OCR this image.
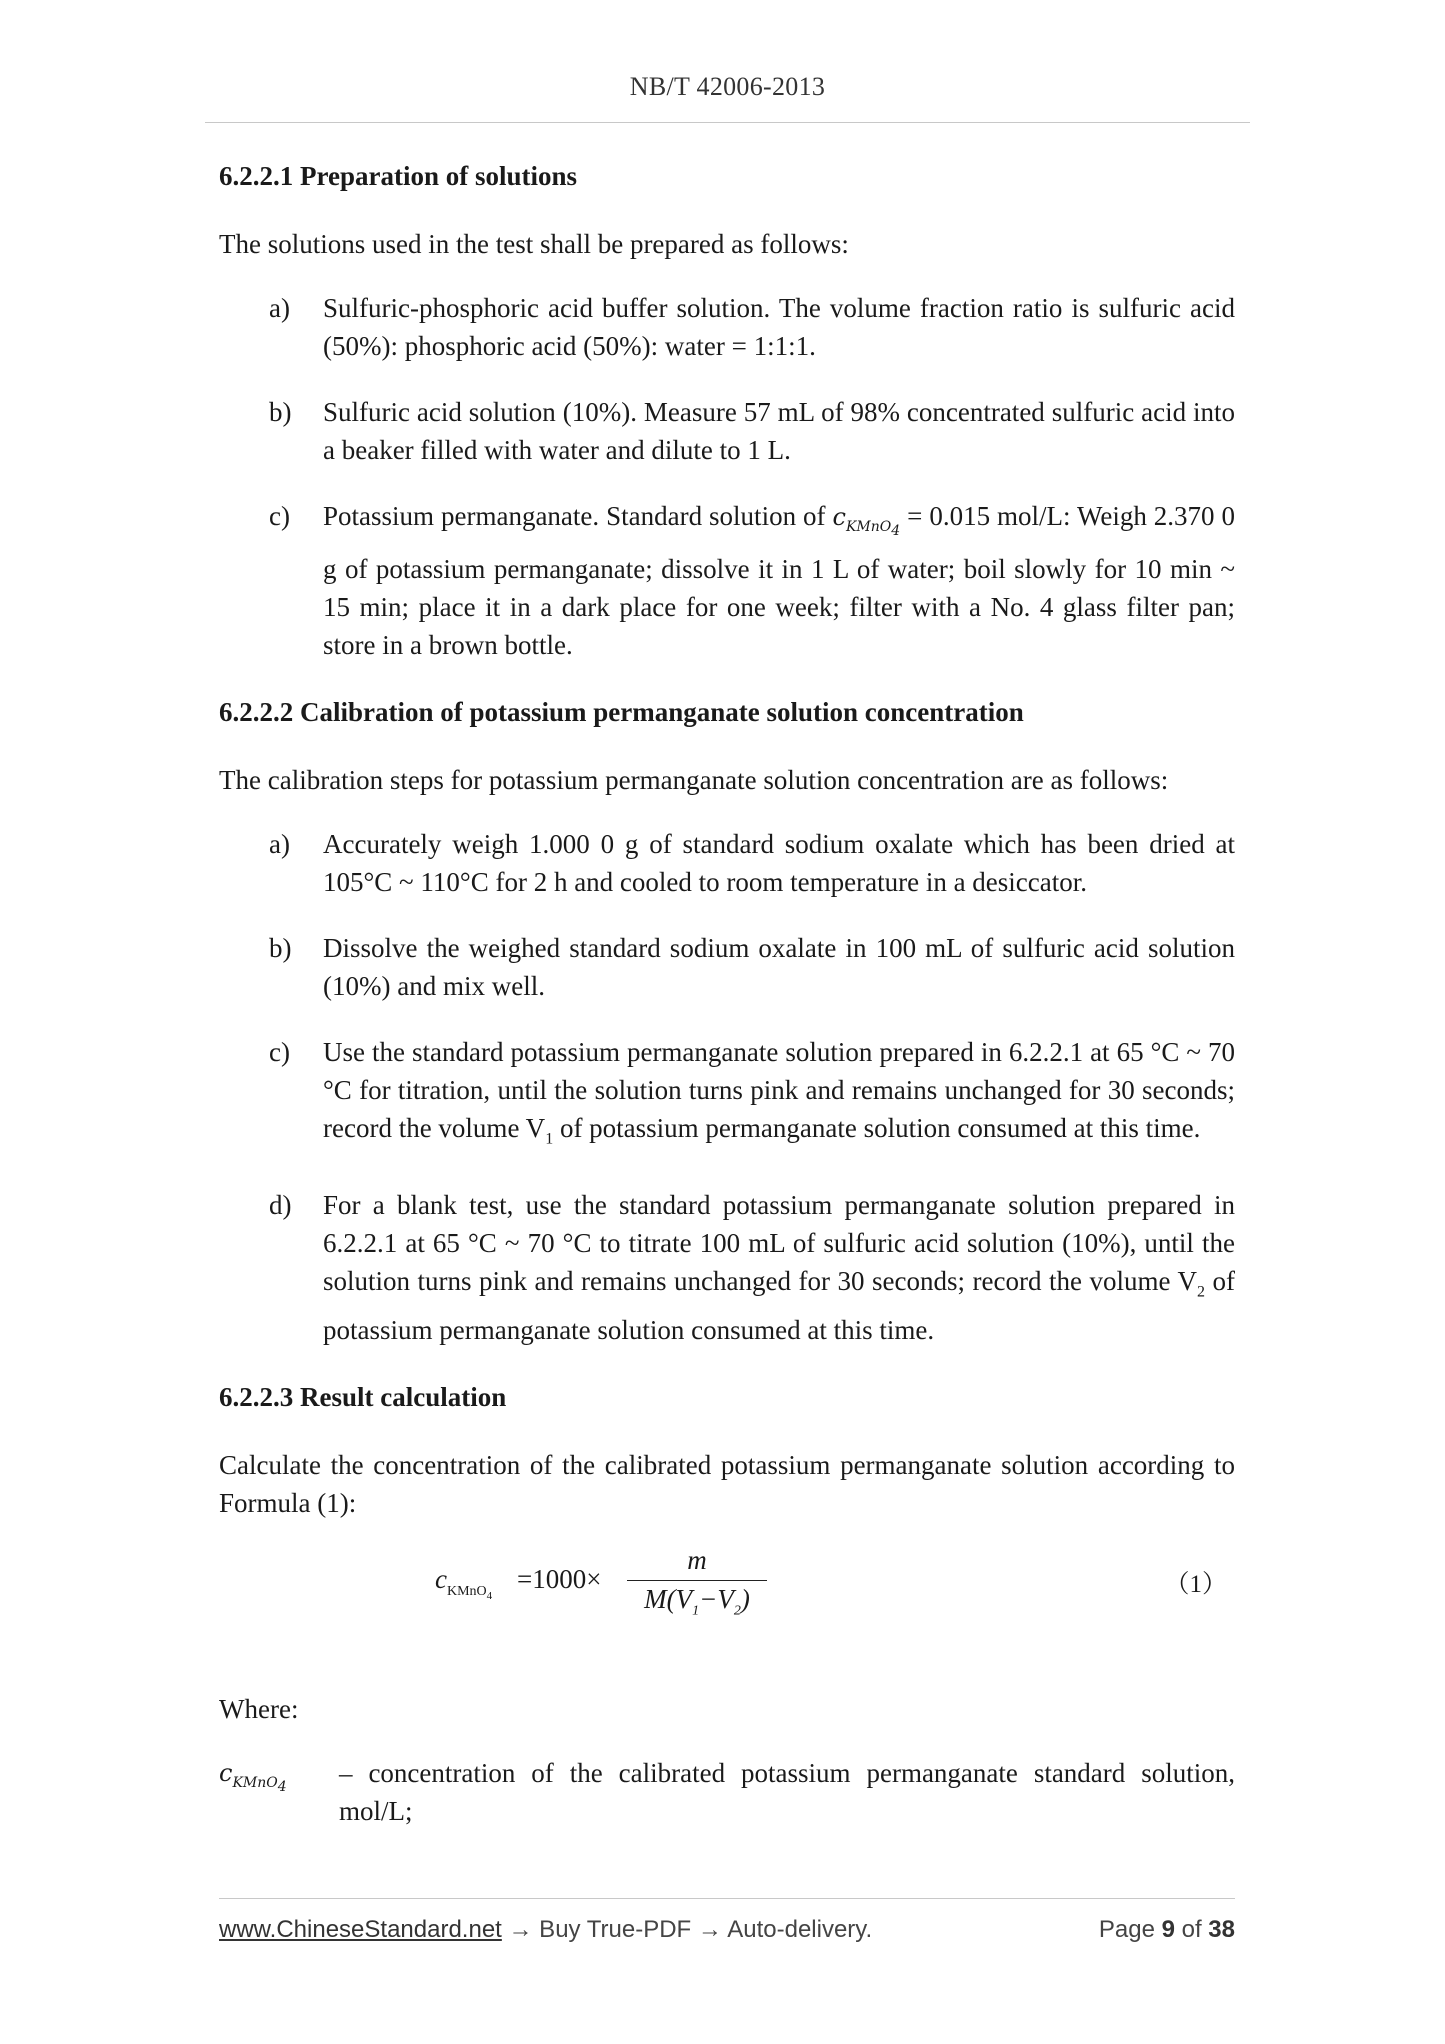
NB/T 42006-2013
6.2.2.1 Preparation of solutions

The solutions used in the test shall be prepared as follows:

a) Sulfuric-phosphoric acid buffer solution. The volume fraction ratio is sulfuric acid (50%): phosphoric acid (50%): water = 1:1:1.
b) Sulfuric acid solution (10%). Measure 57 mL of 98% concentrated sulfuric acid into a beaker filled with water and dilute to 1 L.
c) Potassium permanganate. Standard solution of $c_{KMnO_4} = 0.015$ mol/L: Weigh 2.370 0 g of potassium permanganate; dissolve it in 1 L of water; boil slowly for 10 min ~ 15 min; place it in a dark place for one week; filter with a No. 4 glass filter pan; store in a brown bottle.
6.2.2.2 Calibration of potassium permanganate solution concentration

The calibration steps for potassium permanganate solution concentration are as follows:

a) Accurately weigh 1.000 0 g of standard sodium oxalate which has been dried at 105°C ~ 110°C for 2 h and cooled to room temperature in a desiccator.
b) Dissolve the weighed standard sodium oxalate in 100 mL of sulfuric acid solution (10%) and mix well.
c) Use the standard potassium permanganate solution prepared in 6.2.2.1 at 65 °C ~ 70 °C for titration, until the solution turns pink and remains unchanged for 30 seconds; record the volume $V_1$ of potassium permanganate solution consumed at this time.
d) For a blank test, use the standard potassium permanganate solution prepared in 6.2.2.1 at 65 °C ~ 70 °C to titrate 100 mL of sulfuric acid solution (10%), until the solution turns pink and remains unchanged for 30 seconds; record the volume $V_2$ of potassium permanganate solution consumed at this time.
6.2.2.3 Result calculation

Calculate the concentration of the calibrated potassium permanganate solution according to Formula (1):

$c_{KMnO_4}$
=1000×
m
$M(V_1-V_2)$	（1）

Where:

$c_{KMnO_4}$ – concentration of the calibrated potassium permanganate standard solution, mol/L;
www.ChineseStandard.net → Buy True-PDF → Auto-delivery.	Page 9 of 38
